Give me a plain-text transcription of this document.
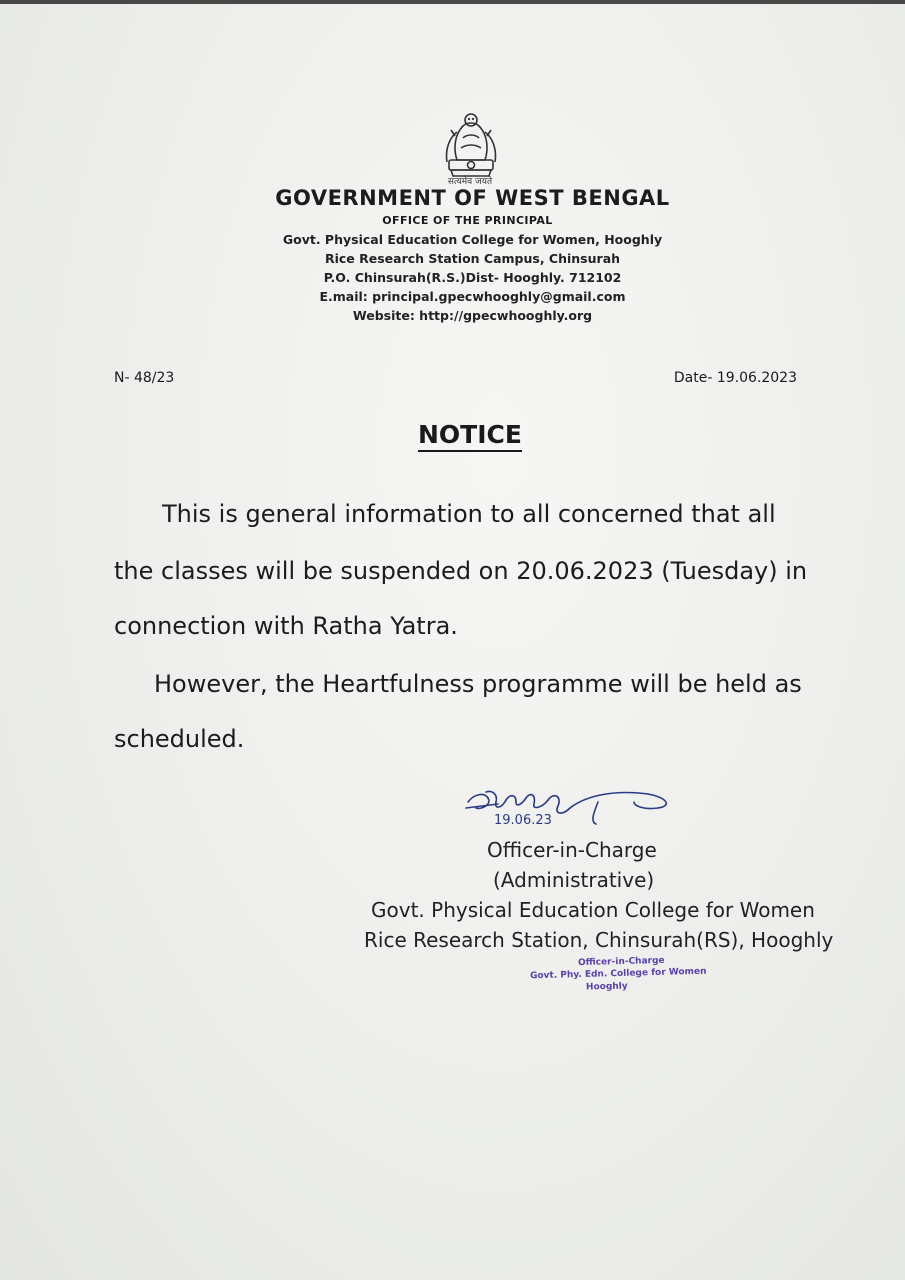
सत्यमेव जयते
GOVERNMENT OF WEST BENGAL
OFFICE OF THE PRINCIPAL
Govt. Physical Education College for Women, Hooghly
Rice Research Station Campus, Chinsurah
P.O. Chinsurah(R.S.)Dist- Hooghly. 712102
E.mail: principal.gpecwhooghly@gmail.com
Website: http://gpecwhooghly.org
N- 48/23	Date- 19.06.2023
NOTICE
This is general information to all concerned that all
the classes will be suspended on 20.06.2023 (Tuesday) in
connection with Ratha Yatra.
However, the Heartfulness programme will be held as
scheduled.
19.06.23
Officer-in-Charge
(Administrative)
Govt. Physical Education College for Women
Rice Research Station, Chinsurah(RS), Hooghly
Officer-in-Charge
Govt. Phy. Edn. College for Women
Hooghly
